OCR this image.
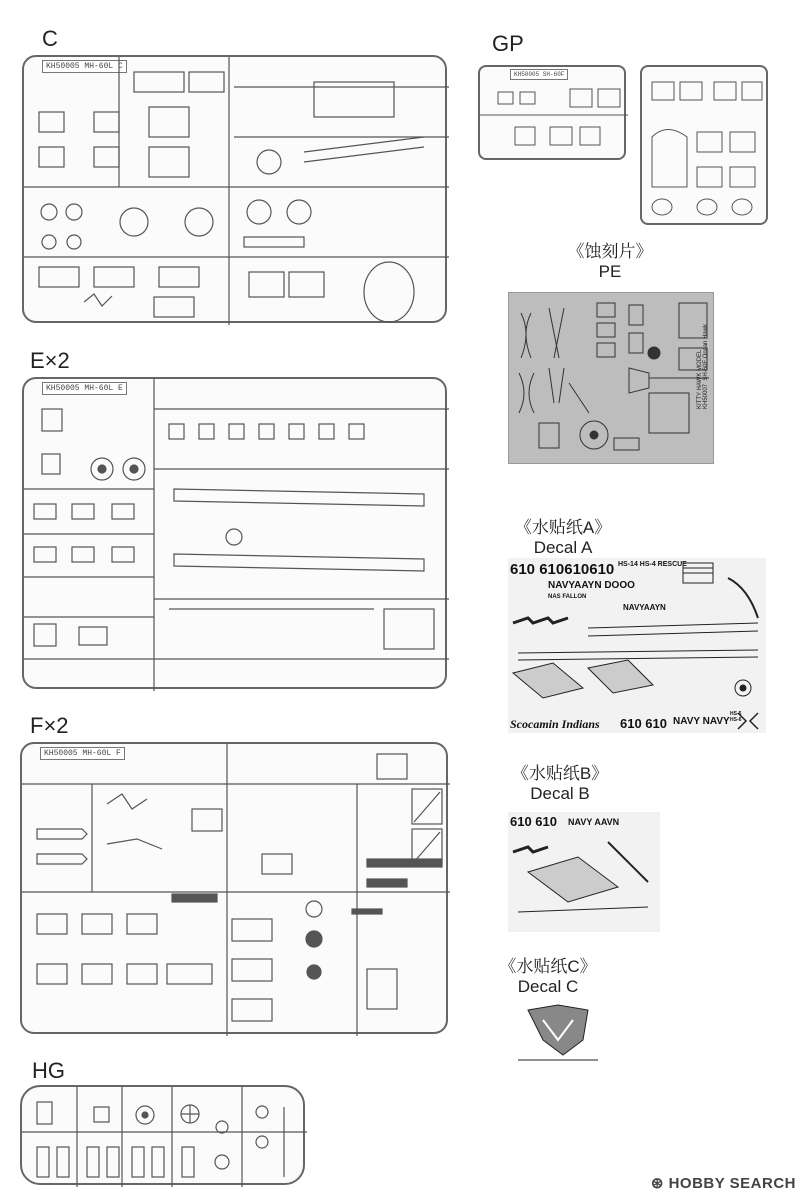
C
KH50005 MH-60L C
GP
KH50005 SH-60F
《蚀刻片》
PE
KITTY HAWK MODEL
KH50007  SH-60F Ocean Hawk
《水贴纸A》
Decal A
610 610610610 HS-14 HS-4 RESCUE
NAVYAAYN DOOO
NAS FALLON
NAVYAAYN
Scocamin Indians 610 610 NAVY NAVY
HS-5
HS-6
《水贴纸B》
Decal B
610 610 NAVY AAVN
《水贴纸C》
Decal C
E×2
KH50005 MH-60L E
F×2
KH50005 MH-60L F
HG
⊛ HOBBY SEARCH
